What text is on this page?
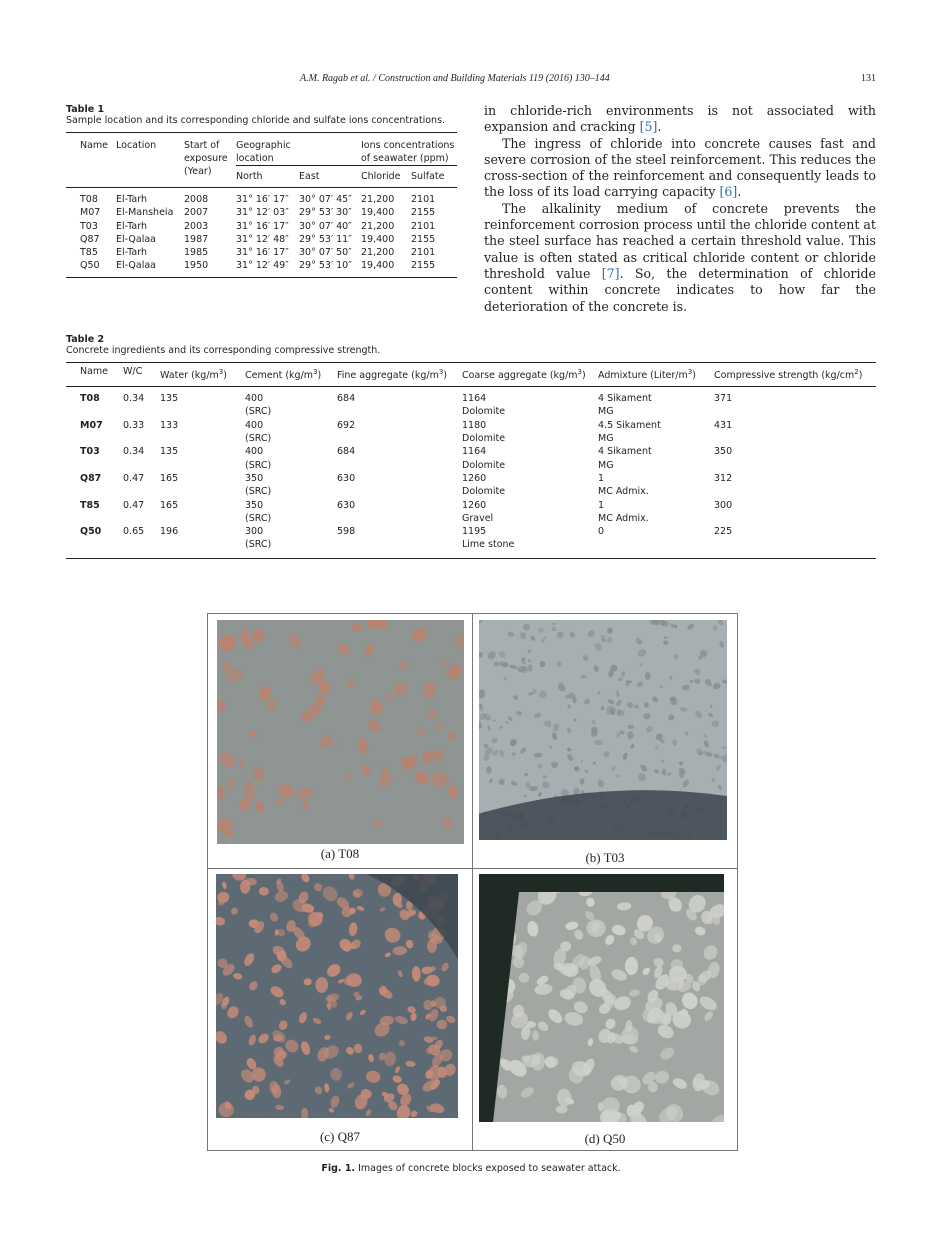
A.M. Ragab et al. / Construction and Building Materials 119 (2016) 130–144	131
Table 1
Sample location and its corresponding chloride and sulfate ions concentrations.
Name	Location	Start of exposure (Year)	Geographic location		Ions concentrations of seawater (ppm)	
			North	East	Chloride	Sulfate
T08	El-Tarh	2008	31° 16′ 17″	30° 07′ 45″	21,200	2101
M07	El-Mansheia	2007	31° 12′ 03″	29° 53′ 30″	19,400	2155
T03	El-Tarh	2003	31° 16′ 17″	30° 07′ 40″	21,200	2101
Q87	El-Qalaa	1987	31° 12′ 48″	29° 53′ 11″	19,400	2155
T85	El-Tarh	1985	31° 16′ 17″	30° 07′ 50″	21,200	2101
Q50	El-Qalaa	1950	31° 12′ 49″	29° 53′ 10″	19,400	2155

in chloride-rich environments is not associated with expansion and cracking [5].

The ingress of chloride into concrete causes fast and severe corrosion of the steel reinforcement. This reduces the cross-section of the reinforcement and consequently leads to the loss of its load carrying capacity [6].

The alkalinity medium of concrete prevents the reinforcement corrosion process until the chloride content at the steel surface has reached a certain threshold value. This value is often stated as critical chloride content or chloride threshold value [7]. So, the determination of chloride content within concrete indicates to how far the deterioration of the concrete is.

Table 2
Concrete ingredients and its corresponding compressive strength.
Name	W/C	Water $(kg/m^3)$	Cement $(kg/m^3)$	Fine aggregate $(kg/m^3)$	Coarse aggregate $(kg/m^3)$	Admixture $(Liter/m^3)$	Compressive strength $(kg/cm^2)$
T08	0.34	135	400	684	1164	4 Sikament	371
			(SRC)		Dolomite	MG	
M07	0.33	133	400	692	1180	4.5 Sikament	431
			(SRC)		Dolomite	MG	
T03	0.34	135	400	684	1164	4 Sikament	350
			(SRC)		Dolomite	MG	
Q87	0.47	165	350	630	1260	1	312
			(SRC)		Dolomite	MC Admix.	
T85	0.47	165	350	630	1260	1	300
			(SRC)		Gravel	MC Admix.	
Q50	0.65	196	300	598	1195	0	225
			(SRC)		Lime stone		
(a) T08	(b) T03
(c) Q87	(d) Q50
Fig. 1. Images of concrete blocks exposed to seawater attack.
